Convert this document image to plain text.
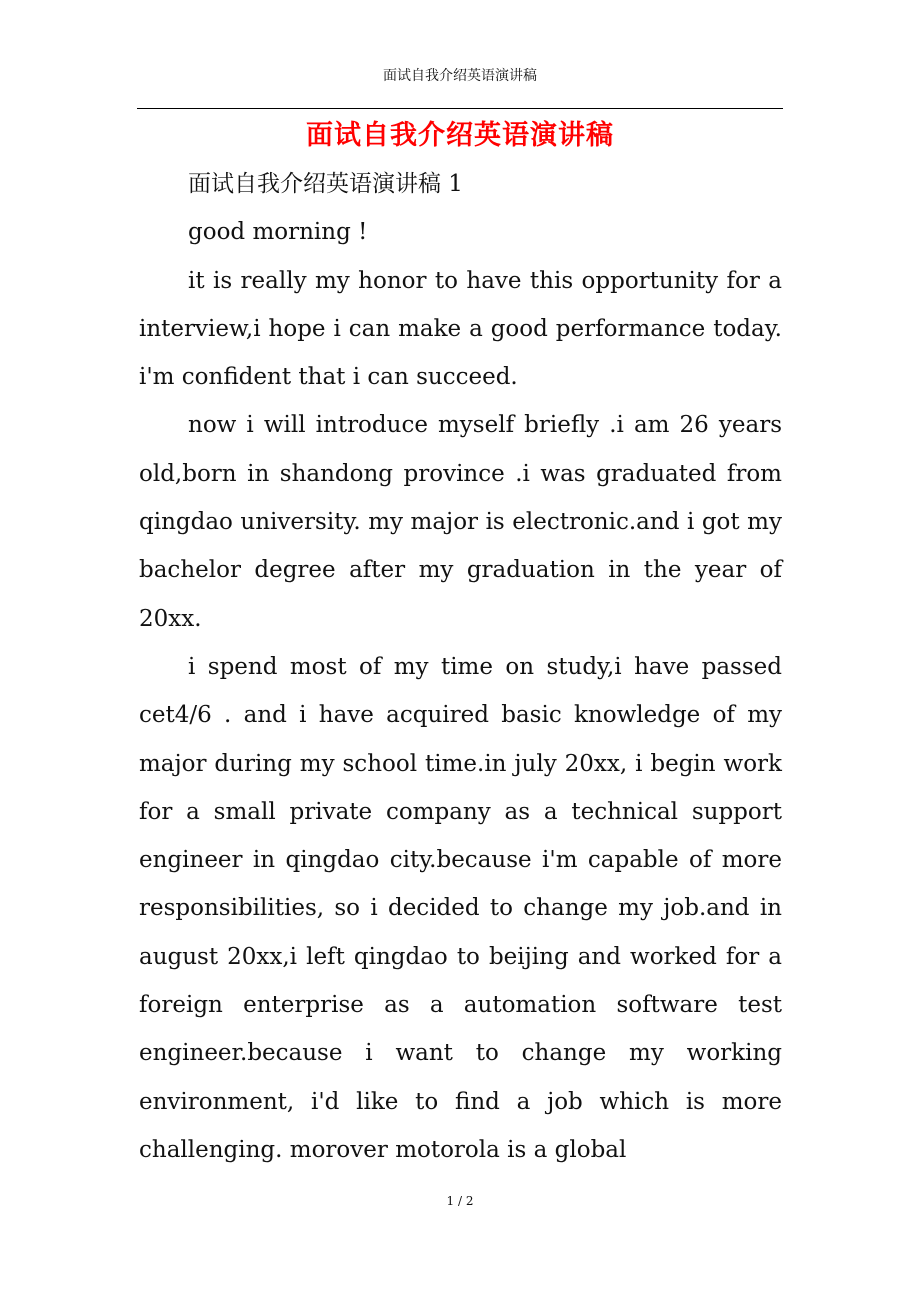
面试自我介绍英语演讲稿
面试自我介绍英语演讲稿

面试自我介绍英语演讲稿 1

good morning !

it is really my honor to have this opportunity for a interview,i hope i can make a good performance today. i'm confident that i can succeed.

now i will introduce myself briefly .i am 26 years old,born in shandong province .i was graduated from qingdao university. my major is electronic.and i got my bachelor degree after my graduation in the year of 20xx.

i spend most of my time on study,i have passed cet4/6 . and i have acquired basic knowledge of my major during my school time.in july 20xx, i begin work for a small private company as a technical support engineer in qingdao city.because i'm capable of more responsibilities, so i decided to change my job.and in august 20xx,i left qingdao to beijing and worked for a foreign enterprise as a automation software test engineer.because i want to change my working environment, i'd like to find a job which is more challenging. morover motorola is a global

1 / 2
